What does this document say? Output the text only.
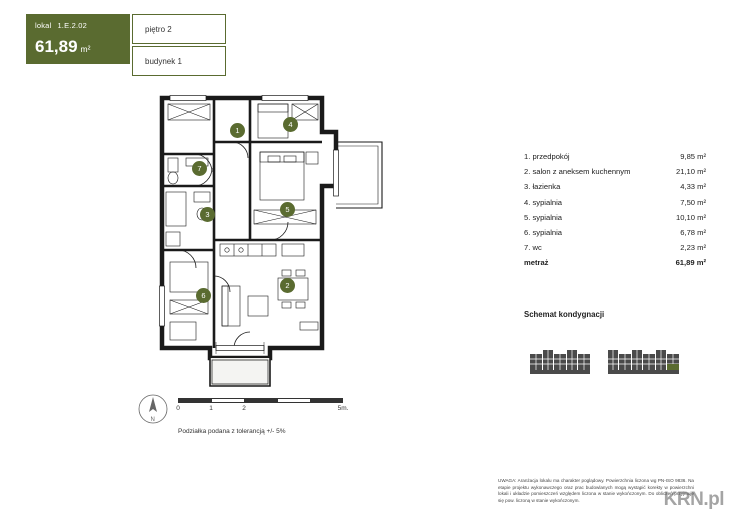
lokal 1.E.2.02
61,89 m²
piętro 2
budynek 1
1
2
3
4
5
6
7
N
0	1	2	5m.
Podziałka podana z tolerancją +/- 5%
1. przedpokój	9,85 m²
2. salon z aneksem kuchennym	21,10 m²
3. łazienka	4,33 m²
4. sypialnia	7,50 m²
5. sypialnia	10,10 m²
6. sypialnia	6,78 m²
7. wc	2,23 m²
metraż	61,89 m²
Schemat kondygnacji
UWAGA: Aranżacja lokalu ma charakter poglądowy. Powierzchnia liczona wg PN-ISO 9836. Na etapie projektu wykonawczego oraz prac budowlanych mogą wystąpić korekty w powierzchni lokali i układzie pomieszczeń względem liczona w stanie wykończonym. Do obliczeń przyjmuje się pow. liczoną w stanie wykończonym.	KRN.pl
